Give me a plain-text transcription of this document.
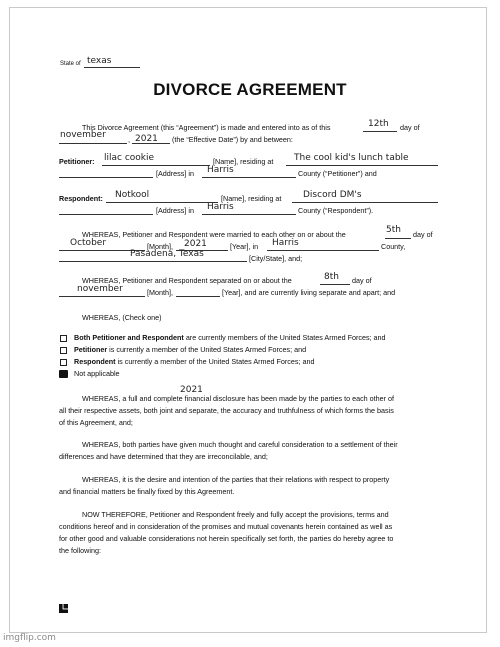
State of texas
DIVORCE AGREEMENT
This Divorce Agreement (this “Agreement”) is made and entered into as of this	12th day of
november	, 2021 (the “Effective Date”) by and between:
Petitioner: lilac cookie	[Name], residing at The cool kid's lunch table
[Address] in Harris	County (“Petitioner”) and
Respondent: Notkool	[Name], residing at Discord DM's
[Address] in Harris	County (“Respondent”).
WHEREAS, Petitioner and Respondent were married to each other on or about the	5th day of
October	[Month], 2021	[Year], in Harris	County,
Pasadena, Texas	[City/State], and;
WHEREAS, Petitioner and Respondent separated on or about the	8th day of
november	[Month],	[Year], and are currently living separate and apart; and
WHEREAS, (Check one)
Both Petitioner and Respondent are currently members of the United States Armed Forces; and
Petitioner is currently a member of the United States Armed Forces; and
Respondent is currently a member of the United States Armed Forces; and
Not applicable
2021
WHEREAS, a full and complete financial disclosure has been made by the parties to each other of
all their respective assets, both joint and separate, the accuracy and truthfulness of which forms the basis
of this Agreement, and;
WHEREAS, both parties have given much thought and careful consideration to a settlement of their
differences and have determined that they are irreconcilable, and;
WHEREAS, it is the desire and intention of the parties that their relations with respect to property
and financial matters be finally fixed by this Agreement.
NOW THEREFORE, Petitioner and Respondent freely and fully accept the provisions, terms and
conditions hereof and in consideration of the promises and mutual covenants herein contained as well as
for other good and valuable considerations not herein specifically set forth, the parties do hereby agree to
the following:
imgflip.com
